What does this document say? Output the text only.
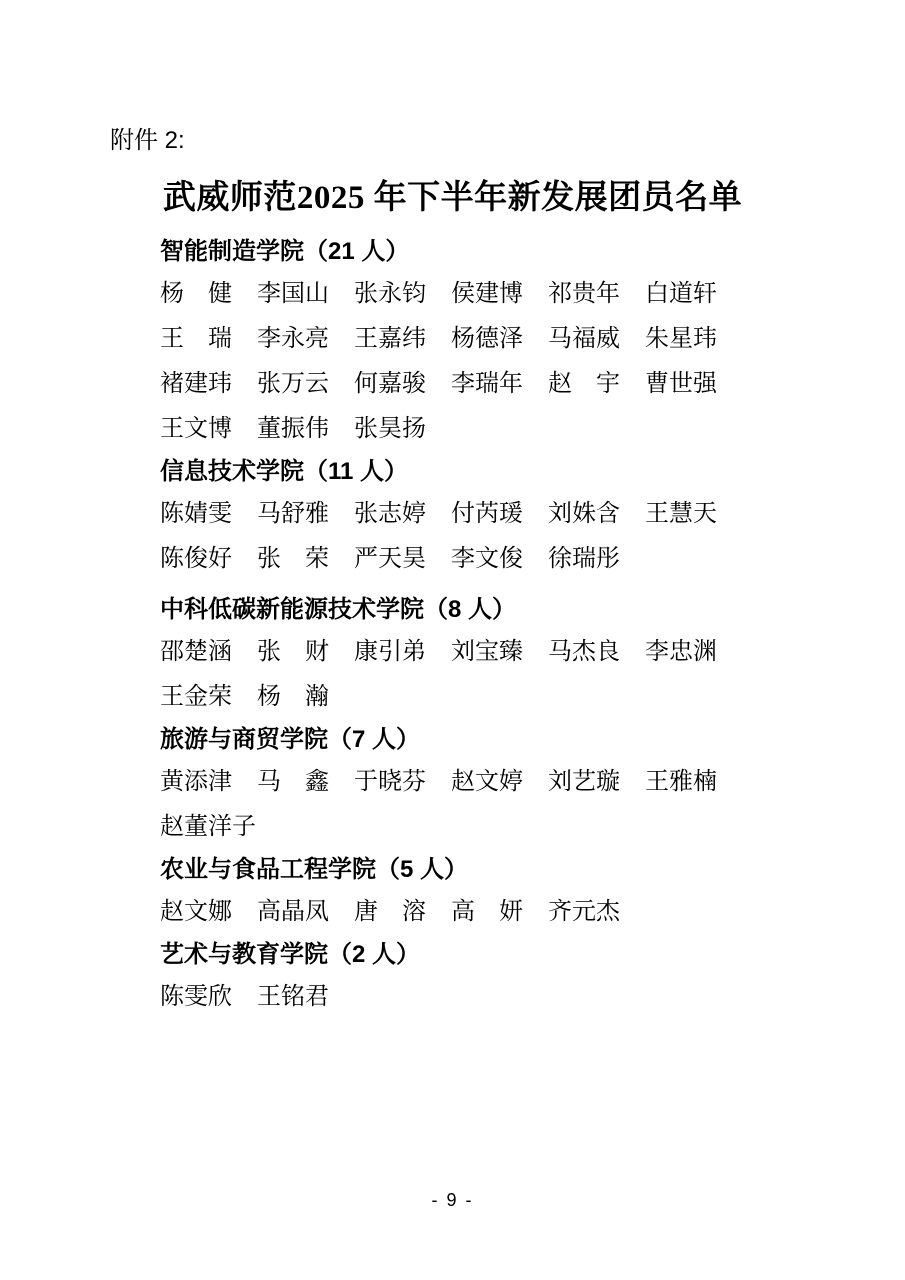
附件 2:
武威师范2025 年下半年新发展团员名单
智能制造学院（21 人）
杨　健 李国山 张永钧 侯建博 祁贵年 白道轩
王　瑞 李永亮 王嘉纬 杨德泽 马福威 朱星玮
褚建玮 张万云 何嘉骏 李瑞年 赵　宇 曹世强
王文博 董振伟 张昊扬
信息技术学院（11 人）
陈婧雯 马舒雅 张志婷 付芮瑗 刘姝含 王慧天
陈俊好 张　荣 严天昊 李文俊 徐瑞彤
中科低碳新能源技术学院（8 人）
邵楚涵 张　财 康引弟 刘宝臻 马杰良 李忠渊
王金荣 杨　瀚
旅游与商贸学院（7 人）
黄添津 马　鑫 于晓芬 赵文婷 刘艺璇 王雅楠
赵董洋子
农业与食品工程学院（5 人）
赵文娜 高晶凤 唐　溶 高　妍 齐元杰
艺术与教育学院（2 人）
陈雯欣 王铭君
- 9 -
